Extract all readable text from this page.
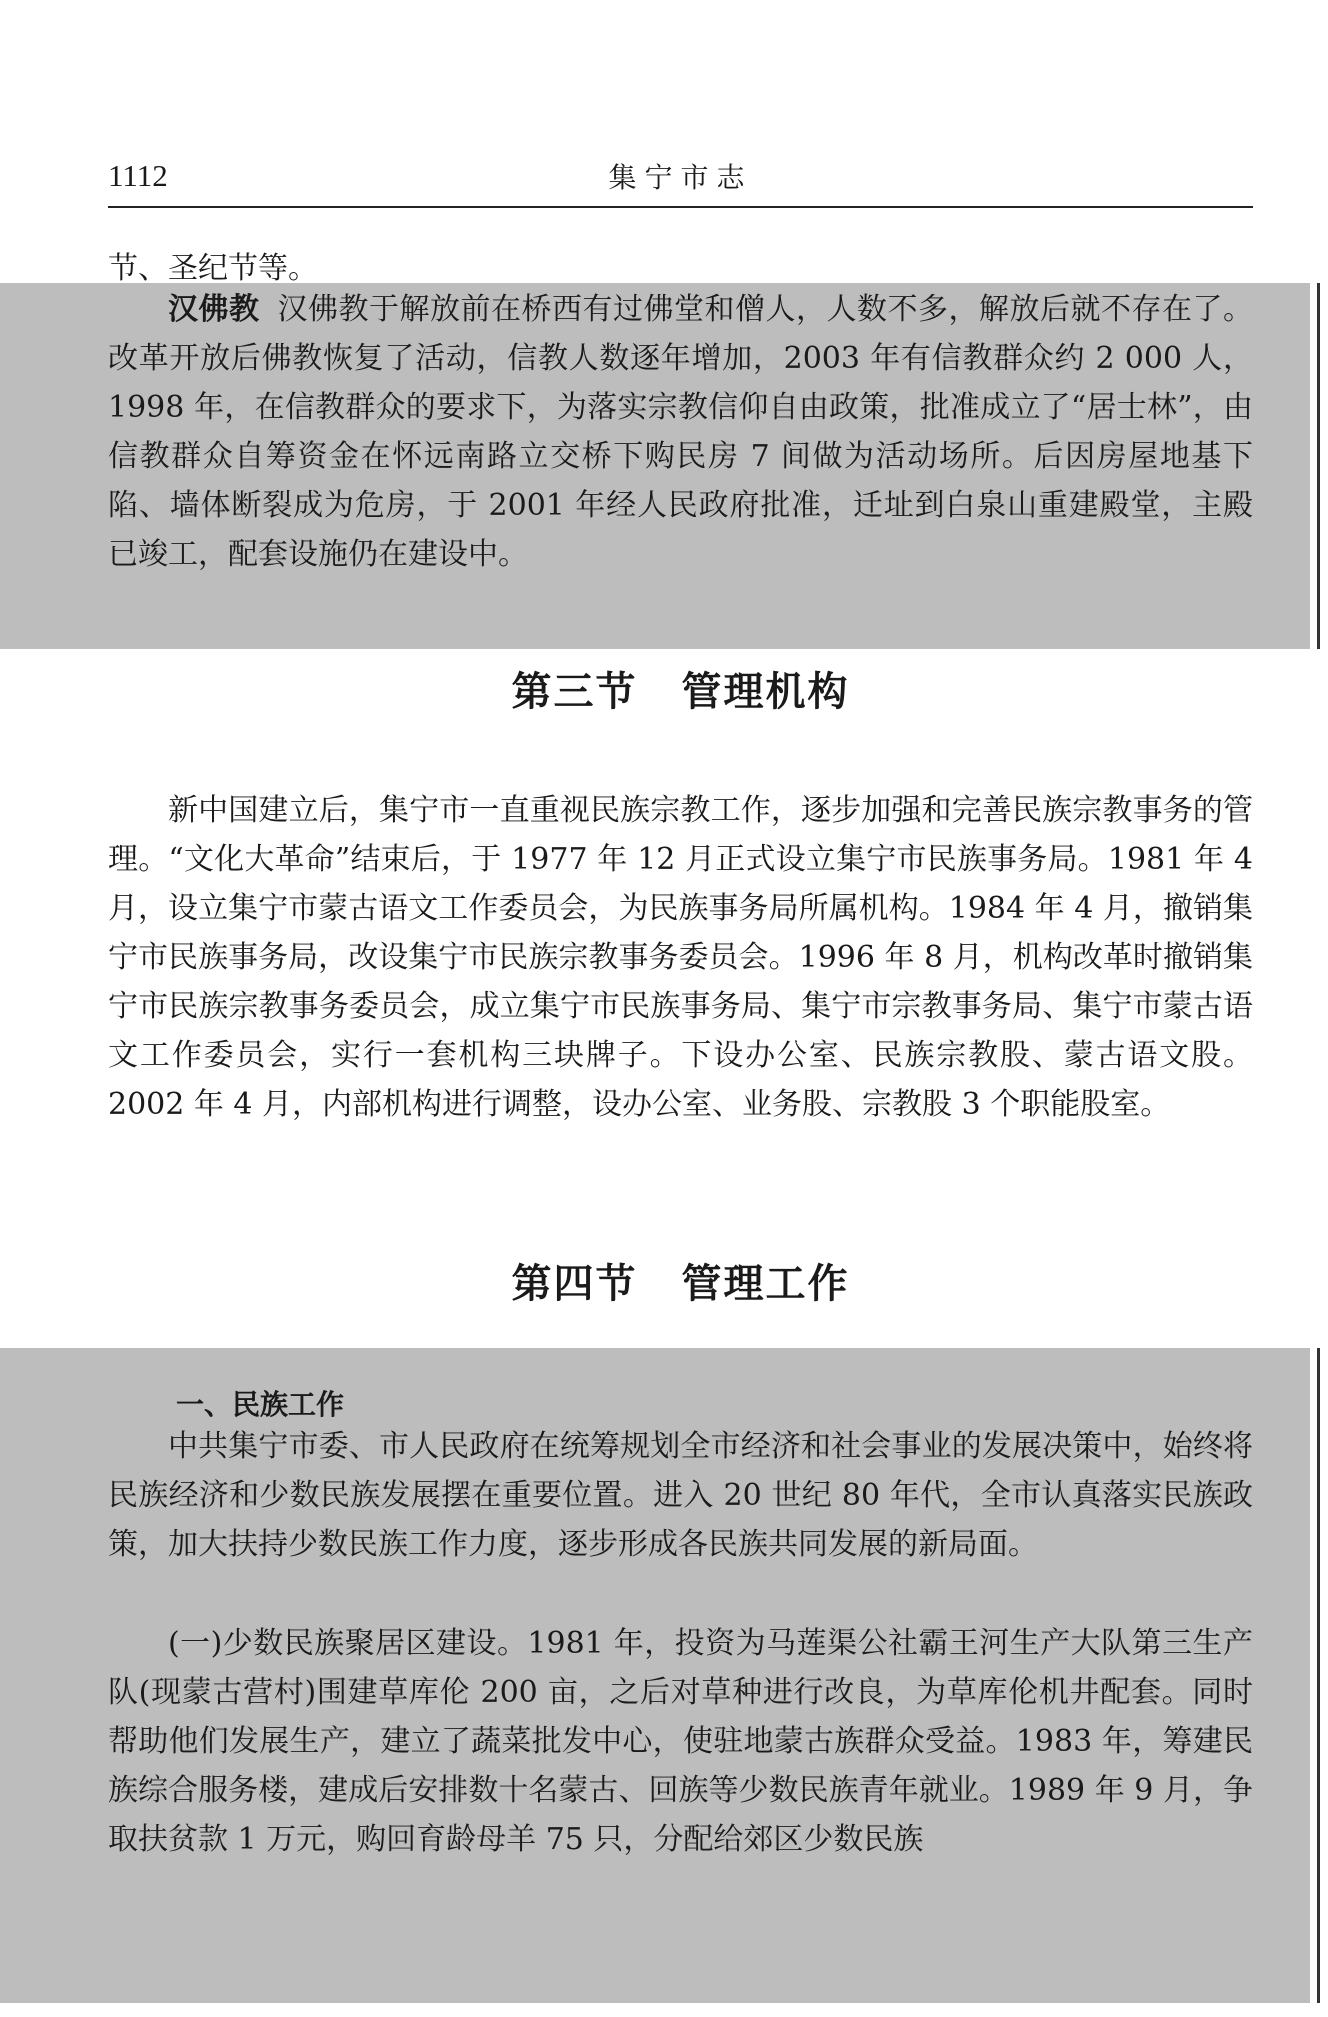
1112	集宁市志

节、圣纪节等。

汉佛教 汉佛教于解放前在桥西有过佛堂和僧人，人数不多，解放后就不存在了。改革开放后佛教恢复了活动，信教人数逐年增加，2003 年有信教群众约 2 000 人，1998 年，在信教群众的要求下，为落实宗教信仰自由政策，批准成立了“居士林”，由信教群众自筹资金在怀远南路立交桥下购民房 7 间做为活动场所。后因房屋地基下陷、墙体断裂成为危房，于 2001 年经人民政府批准，迁址到白泉山重建殿堂，主殿已竣工，配套设施仍在建设中。

第三节 管理机构

新中国建立后，集宁市一直重视民族宗教工作，逐步加强和完善民族宗教事务的管理。“文化大革命”结束后，于 1977 年 12 月正式设立集宁市民族事务局。1981 年 4 月，设立集宁市蒙古语文工作委员会，为民族事务局所属机构。1984 年 4 月，撤销集宁市民族事务局，改设集宁市民族宗教事务委员会。1996 年 8 月，机构改革时撤销集宁市民族宗教事务委员会，成立集宁市民族事务局、集宁市宗教事务局、集宁市蒙古语文工作委员会，实行一套机构三块牌子。下设办公室、民族宗教股、蒙古语文股。2002 年 4 月，内部机构进行调整，设办公室、业务股、宗教股 3 个职能股室。

第四节 管理工作
一、民族工作

中共集宁市委、市人民政府在统筹规划全市经济和社会事业的发展决策中，始终将民族经济和少数民族发展摆在重要位置。进入 20 世纪 80 年代，全市认真落实民族政策，加大扶持少数民族工作力度，逐步形成各民族共同发展的新局面。

(一)少数民族聚居区建设。1981 年，投资为马莲渠公社霸王河生产大队第三生产队(现蒙古营村)围建草库伦 200 亩，之后对草种进行改良，为草库伦机井配套。同时帮助他们发展生产，建立了蔬菜批发中心，使驻地蒙古族群众受益。1983 年，筹建民族综合服务楼，建成后安排数十名蒙古、回族等少数民族青年就业。1989 年 9 月，争取扶贫款 1 万元，购回育龄母羊 75 只，分配给郊区少数民族
